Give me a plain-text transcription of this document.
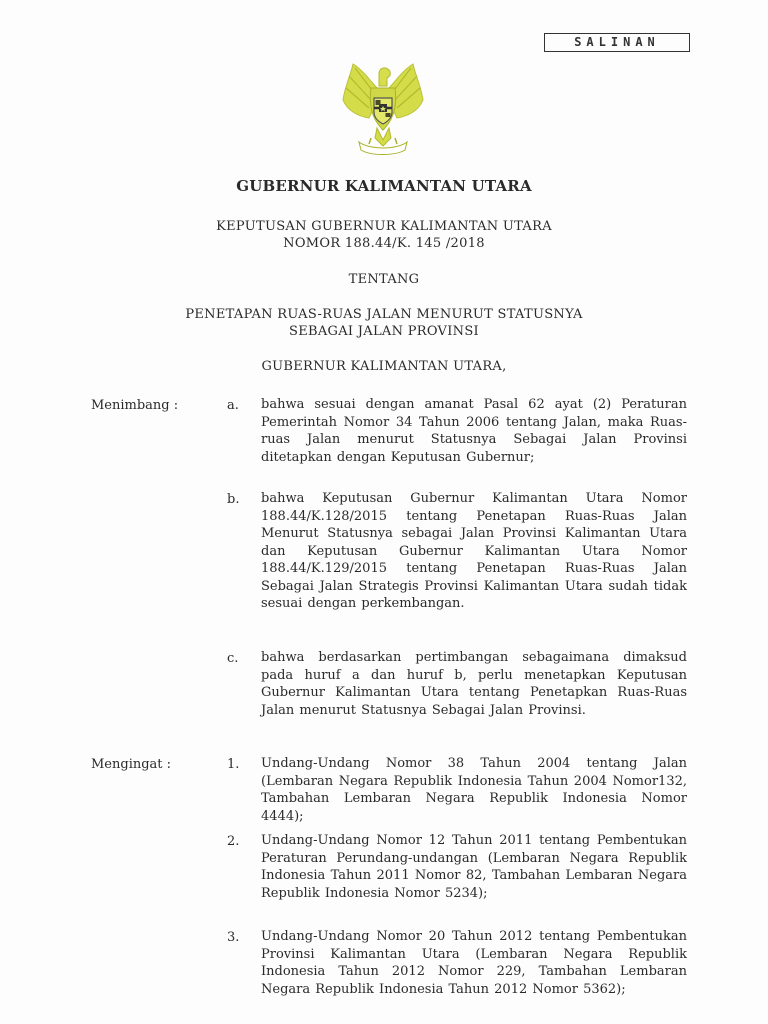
SALINAN
GUBERNUR KALIMANTAN UTARA
KEPUTUSAN GUBERNUR KALIMANTAN UTARA
NOMOR 188.44/K. 145 /2018
TENTANG
PENETAPAN RUAS-RUAS JALAN MENURUT STATUSNYA
SEBAGAI JALAN PROVINSI
GUBERNUR KALIMANTAN UTARA,
Menimbang :	a. bahwa sesuai dengan amanat Pasal 62 ayat (2) Peraturan Pemerintah Nomor 34 Tahun 2006 tentang Jalan, maka Ruas-ruas Jalan menurut Statusnya Sebagai Jalan Provinsi ditetapkan dengan Keputusan Gubernur;
b. bahwa Keputusan Gubernur Kalimantan Utara Nomor 188.44/K.128/2015 tentang Penetapan Ruas-Ruas Jalan Menurut Statusnya sebagai Jalan Provinsi Kalimantan Utara dan Keputusan Gubernur Kalimantan Utara Nomor 188.44/K.129/2015 tentang Penetapan Ruas-Ruas Jalan Sebagai Jalan Strategis Provinsi Kalimantan Utara sudah tidak sesuai dengan perkembangan.
c. bahwa berdasarkan pertimbangan sebagaimana dimaksud pada huruf a dan huruf b, perlu menetapkan Keputusan Gubernur Kalimantan Utara tentang Penetapkan Ruas-Ruas Jalan menurut Statusnya Sebagai Jalan Provinsi.
Mengingat :	1. Undang-Undang Nomor 38 Tahun 2004 tentang Jalan (Lembaran Negara Republik Indonesia Tahun 2004 Nomor132, Tambahan Lembaran Negara Republik Indonesia Nomor 4444);
2. Undang-Undang Nomor 12 Tahun 2011 tentang Pembentukan Peraturan Perundang-undangan (Lembaran Negara Republik Indonesia Tahun 2011 Nomor 82, Tambahan Lembaran Negara Republik Indonesia Nomor 5234);
3. Undang-Undang Nomor 20 Tahun 2012 tentang Pembentukan Provinsi Kalimantan Utara (Lembaran Negara Republik Indonesia Tahun 2012 Nomor 229, Tambahan Lembaran Negara Republik Indonesia Tahun 2012 Nomor 5362);
